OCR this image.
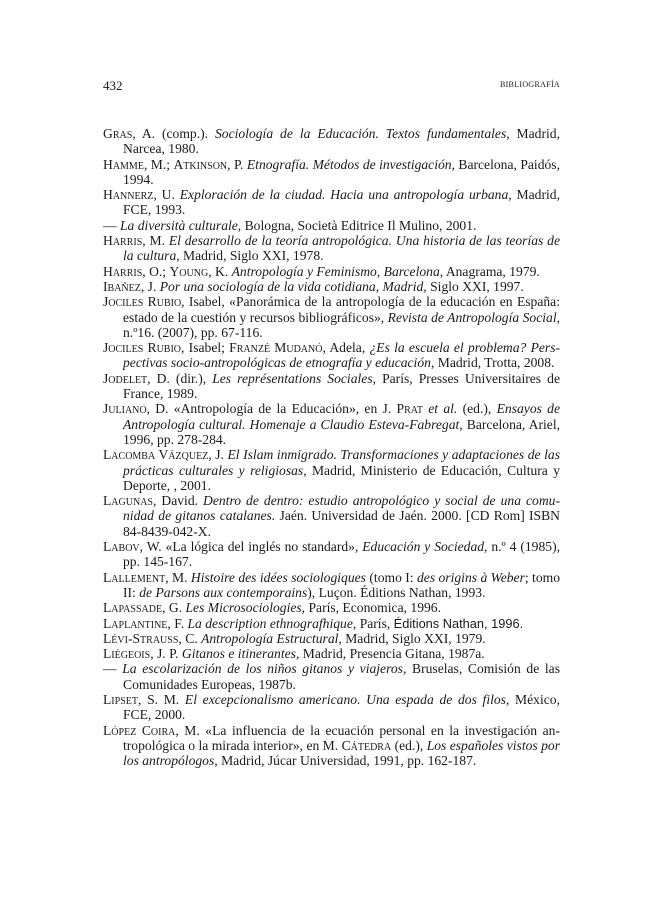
432	bibliografía

Gras, A. (comp.). Sociología de la Educación. Textos fundamentales, Madrid, Narcea, 1980.

Hamme, M.; Atkinson, P. Etnografía. Métodos de investigación, Barcelona, Paidós, 1994.

Hannerz, U. Exploración de la ciudad. Hacia una antropología urbana, Madrid, FCE, 1993.

— La diversità culturale, Bologna, Società Editrice Il Mulino, 2001.

Harris, M. El desarrollo de la teoría antropológica. Una historia de las teorías de la cultura, Madrid, Siglo XXI, 1978.

Harris, O.; Young, K. Antropología y Feminismo, Barcelona, Anagrama, 1979.

Ibañez, J. Por una sociología de la vida cotidiana, Madrid, Siglo XXI, 1997.

Jociles Rubio, Isabel, «Panorámica de la antropología de la educación en España: estado de la cuestión y recursos bibliográficos», Revista de Antropología Social, n.º16. (2007), pp. 67-116.

Jociles Rubio, Isabel; Franzé Mudanó, Adela, ¿Es la escuela el problema? Perspectivas socio-antropológicas de etnografía y educación, Madrid, Trotta, 2008.

Jodelet, D. (dir.), Les représentations Sociales, París, Presses Universitaires de France, 1989.

Juliano, D. «Antropología de la Educación», en J. Prat et al. (ed.), Ensayos de Antropología cultural. Homenaje a Claudio Esteva-Fabregat, Barcelona, Ariel, 1996, pp. 278-284.

Lacomba Vázquez, J. El Islam inmigrado. Transformaciones y adaptaciones de las prácticas culturales y religiosas, Madrid, Ministerio de Educación, Cultura y Deporte, , 2001.

Lagunas, David. Dentro de dentro: estudio antropológico y social de una comunidad de gitanos catalanes. Jaén. Universidad de Jaén. 2000. [CD Rom] ISBN 84-8439-042-X.

Labov, W. «La lógica del inglés no standard», Educación y Sociedad, n.º 4 (1985), pp. 145-167.

Lallement, M. Histoire des idées sociologiques (tomo I: des origins à Weber; tomo II: de Parsons aux contemporains), Luçon. Éditions Nathan, 1993.

Lapassade, G. Les Microsociologies, París, Economica, 1996.

Laplantine, F. La description ethnografhique, París, Éditions Nathan, 1996.

Lévi-Strauss, C. Antropología Estructural, Madrid, Siglo XXI, 1979.

Liégeois, J. P. Gitanos e itinerantes, Madrid, Presencia Gitana, 1987a.

— La escolarización de los niños gitanos y viajeros, Bruselas, Comisión de las Comunidades Europeas, 1987b.

Lipset, S. M. El excepcionalismo americano. Una espada de dos filos, México, FCE, 2000.

López Coira, M. «La influencia de la ecuación personal en la investigación antropológica o la mirada interior», en M. Cátedra (ed.), Los españoles vistos por los antropólogos, Madrid, Júcar Universidad, 1991, pp. 162-187.
